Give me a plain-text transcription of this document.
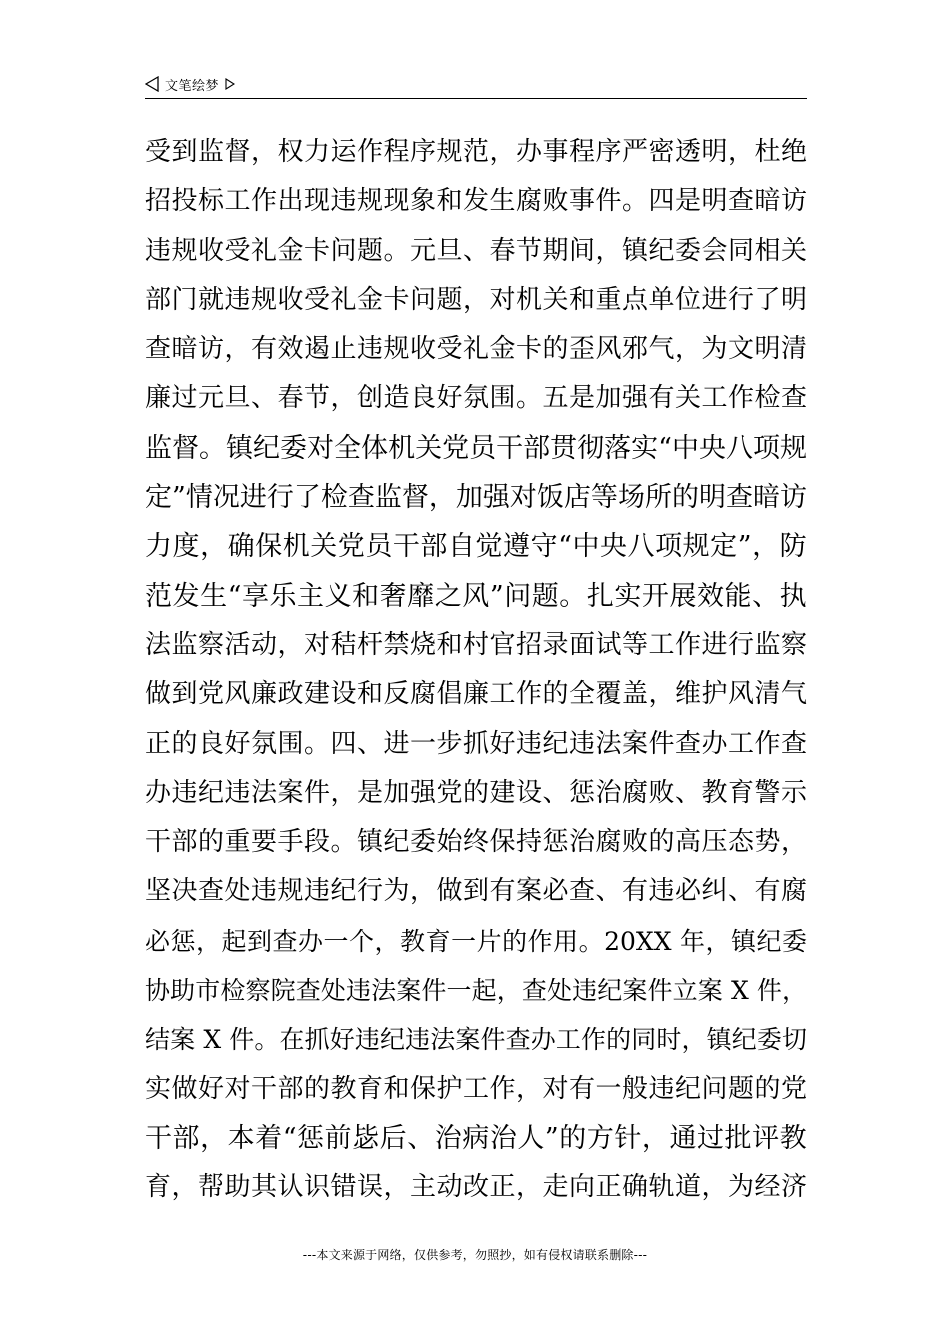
文笔绘梦
受到监督，权力运作程序规范，办事程序严密透明，杜绝
招投标工作出现违规现象和发生腐败事件。四是明查暗访
违规收受礼金卡问题。元旦、春节期间，镇纪委会同相关
部门就违规收受礼金卡问题，对机关和重点单位进行了明
查暗访，有效遏止违规收受礼金卡的歪风邪气，为文明清
廉过元旦、春节，创造良好氛围。五是加强有关工作检查
监督。镇纪委对全体机关党员干部贯彻落实“中央八项规
定”情况进行了检查监督，加强对饭店等场所的明查暗访
力度，确保机关党员干部自觉遵守“中央八项规定”，防
范发生“享乐主义和奢靡之风”问题。扎实开展效能、执
法监察活动，对秸杆禁烧和村官招录面试等工作进行监察
做到党风廉政建设和反腐倡廉工作的全覆盖，维护风清气
正的良好氛围。四、进一步抓好违纪违法案件查办工作查
办违纪违法案件，是加强党的建设、惩治腐败、教育警示
干部的重要手段。镇纪委始终保持惩治腐败的高压态势，
坚决查处违规违纪行为，做到有案必查、有违必纠、有腐
必惩，起到查办一个，教育一片的作用。20XX 年，镇纪委
协助市检察院查处违法案件一起，查处违纪案件立案 X 件，
结案 X 件。在抓好违纪违法案件查办工作的同时，镇纪委切
实做好对干部的教育和保护工作，对有一般违纪问题的党
干部，本着“惩前毖后、治病治人”的方针，通过批评教
育，帮助其认识错误，主动改正，走向正确轨道，为经济
---本文来源于网络，仅供参考，勿照抄，如有侵权请联系删除---
